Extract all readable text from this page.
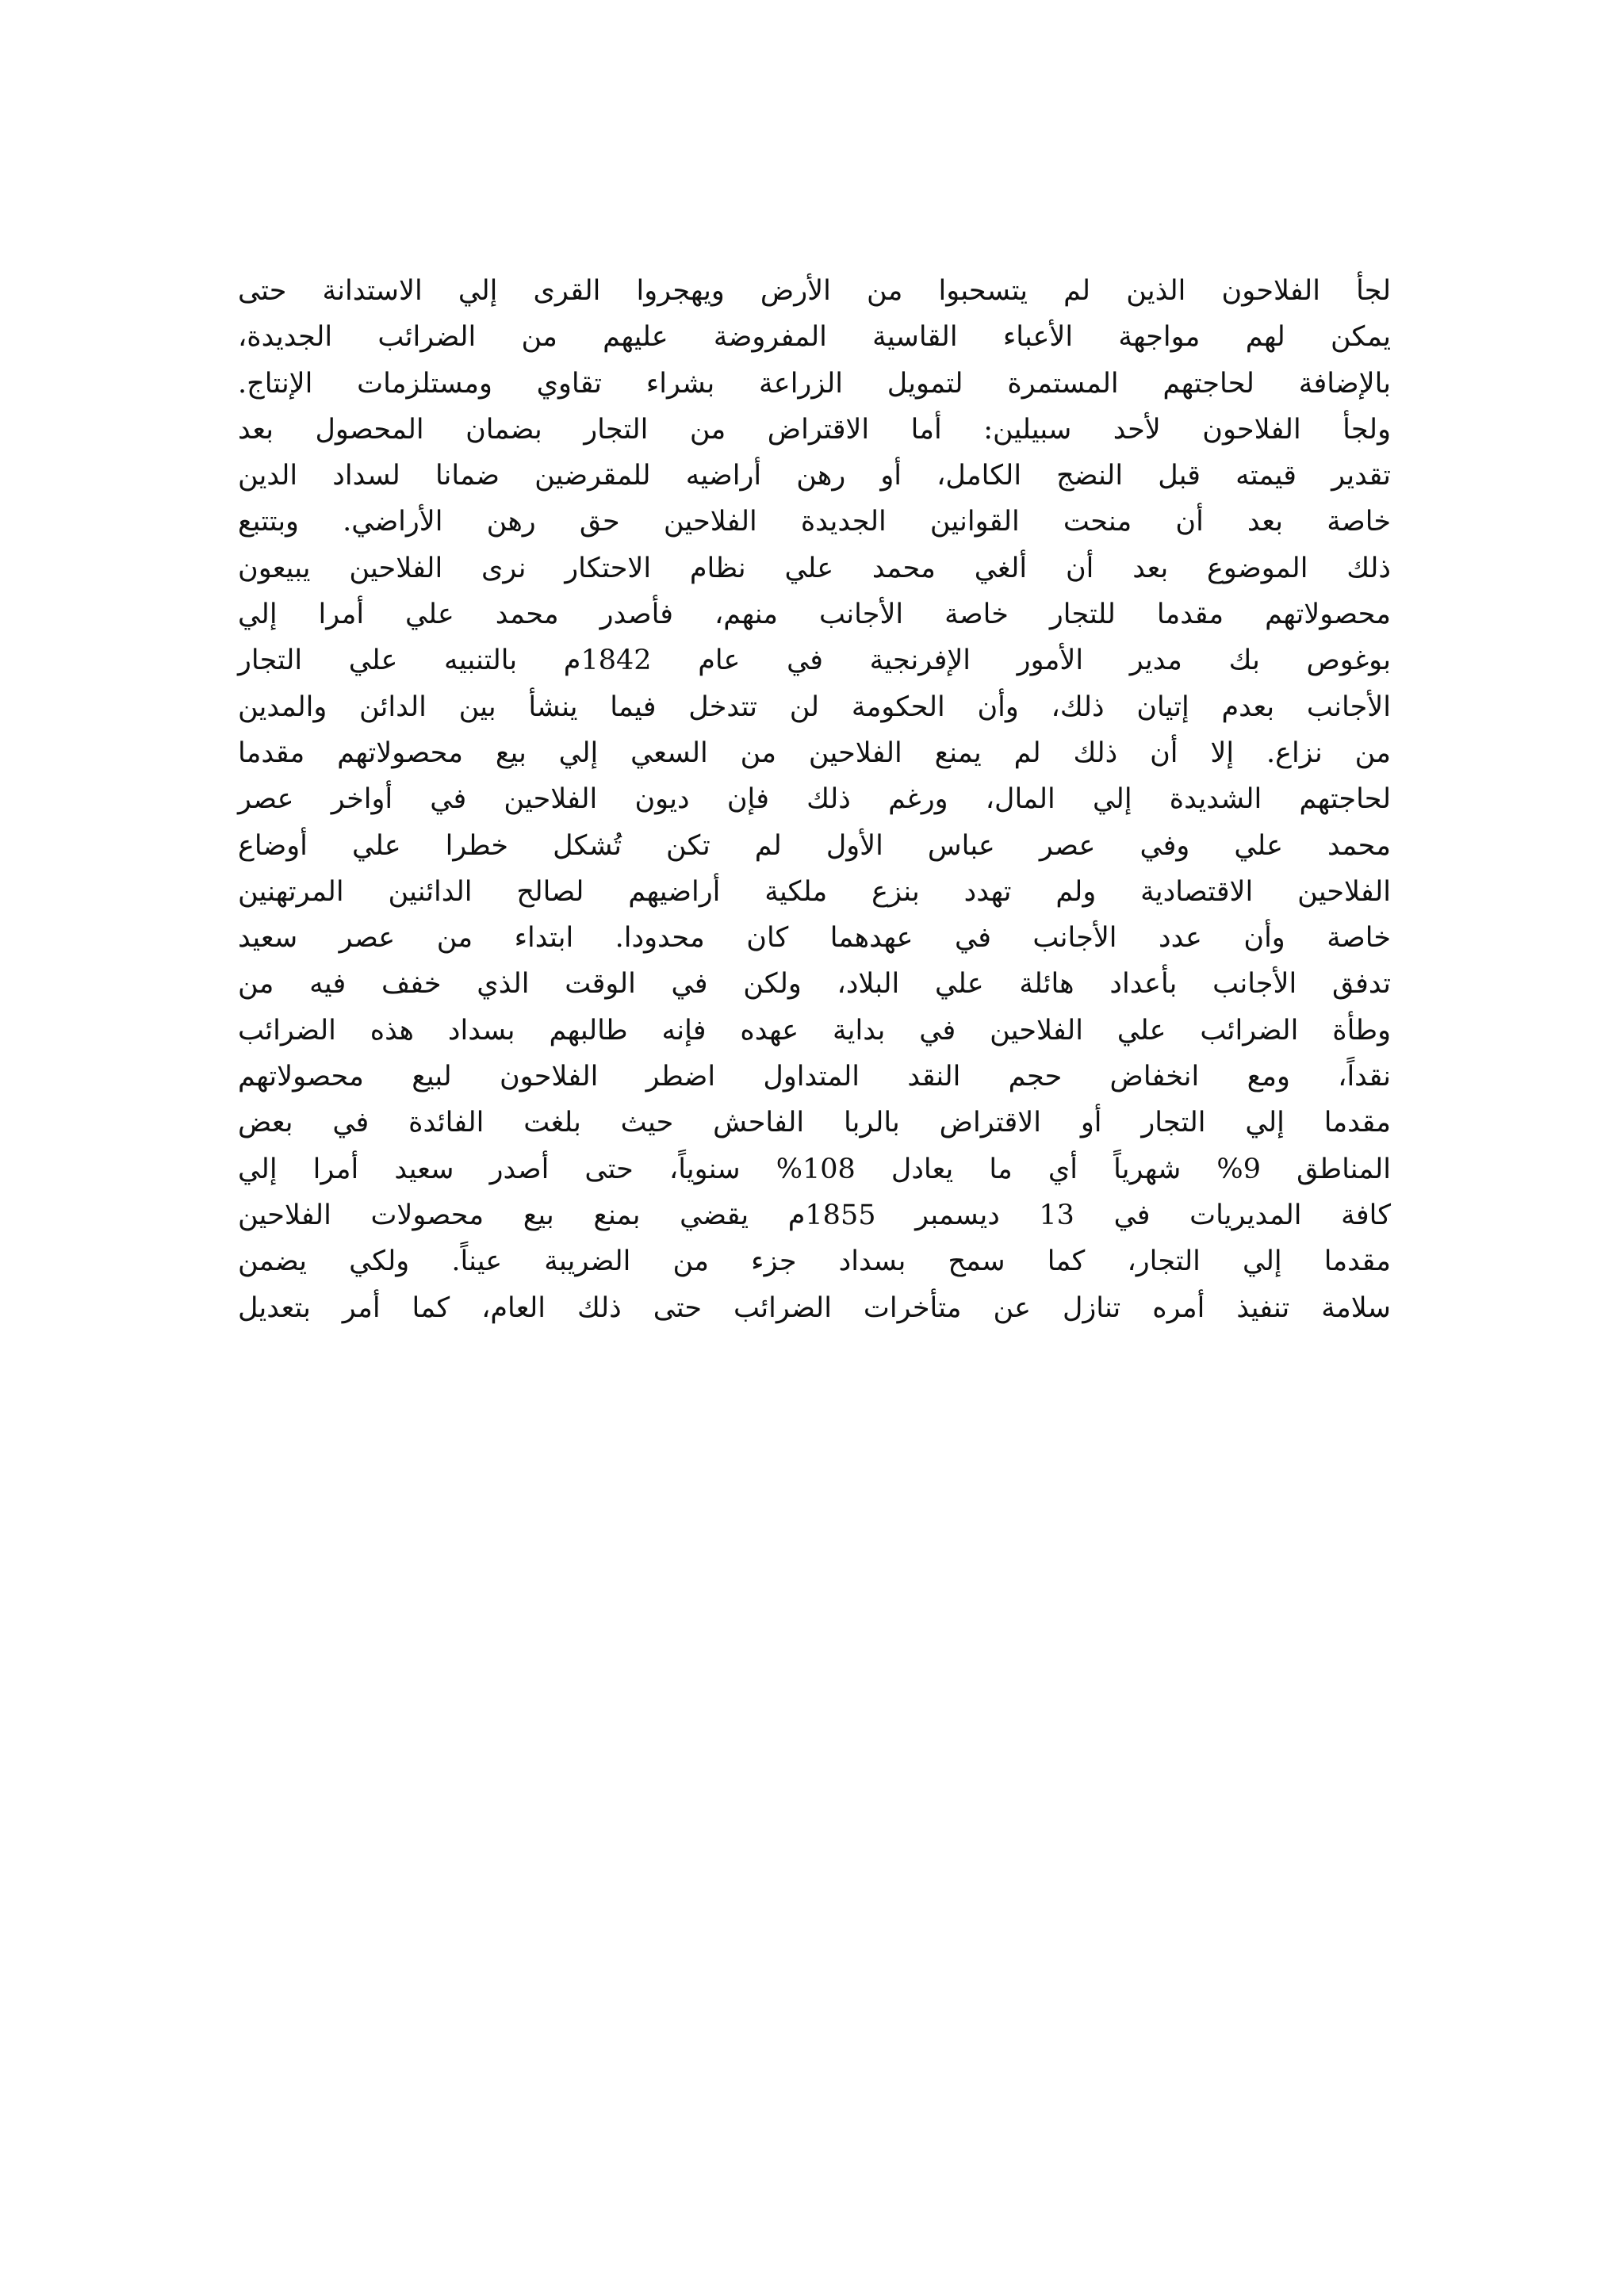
لجأ الفلاحون الذين لم يتسحبوا من الأرض ويهجروا القرى إلي الاستدانة حتى
يمكن لهم مواجهة الأعباء القاسية المفروضة عليهم من الضرائب الجديدة،
بالإضافة لحاجتهم المستمرة لتمويل الزراعة بشراء تقاوي ومستلزمات الإنتاج.
ولجأ الفلاحون لأحد سبيلين: أما الاقتراض من التجار بضمان المحصول بعد
تقدير قيمته قبل النضج الكامل، أو رهن أراضيه للمقرضين ضمانا لسداد الدين
خاصة بعد أن منحت القوانين الجديدة الفلاحين حق رهن الأراضي. وبتتبع
ذلك الموضوع بعد أن ألغي محمد علي نظام الاحتكار نرى الفلاحين يبيعون
محصولاتهم مقدما للتجار خاصة الأجانب منهم، فأصدر محمد علي أمرا إلي
بوغوص بك مدير الأمور الإفرنجية في عام 1842م بالتنبيه علي التجار
الأجانب بعدم إتيان ذلك، وأن الحكومة لن تتدخل فيما ينشأ بين الدائن والمدين
من نزاع. إلا أن ذلك لم يمنع الفلاحين من السعي إلي بيع محصولاتهم مقدما
لحاجتهم الشديدة إلي المال، ورغم ذلك فإن ديون الفلاحين في أواخر عصر
محمد علي وفي عصر عباس الأول لم تكن تُشكل خطرا علي أوضاع
الفلاحين الاقتصادية ولم تهدد بنزع ملكية أراضيهم لصالح الدائنين المرتهنين
خاصة وأن عدد الأجانب في عهدهما كان محدودا. ابتداء من عصر سعيد
تدفق الأجانب بأعداد هائلة علي البلاد، ولكن في الوقت الذي خفف فيه من
وطأة الضرائب علي الفلاحين في بداية عهده فإنه طالبهم بسداد هذه الضرائب
نقداً، ومع انخفاض حجم النقد المتداول اضطر الفلاحون لبيع محصولاتهم
مقدما إلي التجار أو الاقتراض بالربا الفاحش حيث بلغت الفائدة في بعض
المناطق 9% شهرياً أي ما يعادل 108% سنوياً، حتى أصدر سعيد أمرا إلي
كافة المديريات في 13 ديسمبر 1855م يقضي بمنع بيع محصولات الفلاحين
مقدما إلي التجار، كما سمح بسداد جزء من الضريبة عيناً. ولكي يضمن
سلامة تنفيذ أمره تنازل عن متأخرات الضرائب حتى ذلك العام، كما أمر بتعديل
